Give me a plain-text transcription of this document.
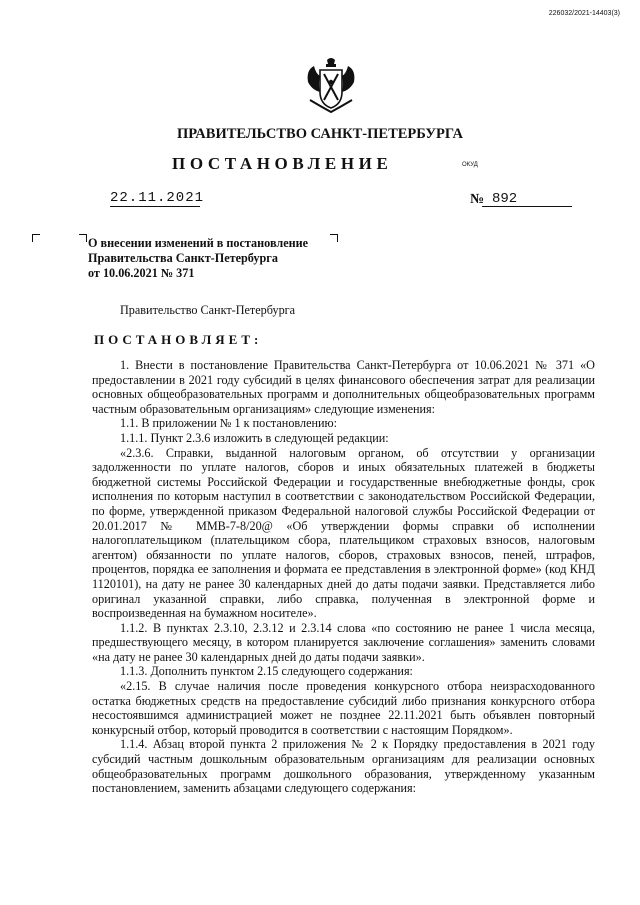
226032/2021-14403(3)
ПРАВИТЕЛЬСТВО САНКТ-ПЕТЕРБУРГА
ПОСТАНОВЛЕНИЕ	ОКУД
22.11.2021	№ 892
О внесении изменений в постановление
Правительства Санкт-Петербурга
от 10.06.2021 № 371
Правительство Санкт-Петербурга
ПОСТАНОВЛЯЕТ:

1. Внести в постановление Правительства Санкт-Петербурга от 10.06.2021 № 371 «О предоставлении в 2021 году субсидий в целях финансового обеспечения затрат для реализации основных общеобразовательных программ и дополнительных общеобразовательных программ частным образовательным организациям» следующие изменения:

1.1. В приложении № 1 к постановлению:

1.1.1. Пункт 2.3.6 изложить в следующей редакции:

«2.3.6. Справки, выданной налоговым органом, об отсутствии у организации задолженности по уплате налогов, сборов и иных обязательных платежей в бюджеты бюджетной системы Российской Федерации и государственные внебюджетные фонды, срок исполнения по которым наступил в соответствии с законодательством Российской Федерации, по форме, утвержденной приказом Федеральной налоговой службы Российской Федерации от 20.01.2017 № ММВ-7-8/20@ «Об утверждении формы справки об исполнении налогоплательщиком (плательщиком сбора, плательщиком страховых взносов, налоговым агентом) обязанности по уплате налогов, сборов, страховых взносов, пеней, штрафов, процентов, порядка ее заполнения и формата ее представления в электронной форме» (код КНД 1120101), на дату не ранее 30 календарных дней до даты подачи заявки. Представляется либо оригинал указанной справки, либо справка, полученная в электронной форме и воспроизведенная на бумажном носителе».

1.1.2. В пунктах 2.3.10, 2.3.12 и 2.3.14 слова «по состоянию не ранее 1 числа месяца, предшествующего месяцу, в котором планируется заключение соглашения» заменить словами «на дату не ранее 30 календарных дней до даты подачи заявки».

1.1.3. Дополнить пунктом 2.15 следующего содержания:

«2.15. В случае наличия после проведения конкурсного отбора неизрасходованного остатка бюджетных средств на предоставление субсидий либо признания конкурсного отбора несостоявшимся администрацией может не позднее 22.11.2021 быть объявлен повторный конкурсный отбор, который проводится в соответствии с настоящим Порядком».

1.1.4. Абзац второй пункта 2 приложения № 2 к Порядку предоставления в 2021 году субсидий частным дошкольным образовательным организациям для реализации основных общеобразовательных программ дошкольного образования, утвержденному указанным постановлением, заменить абзацами следующего содержания:
